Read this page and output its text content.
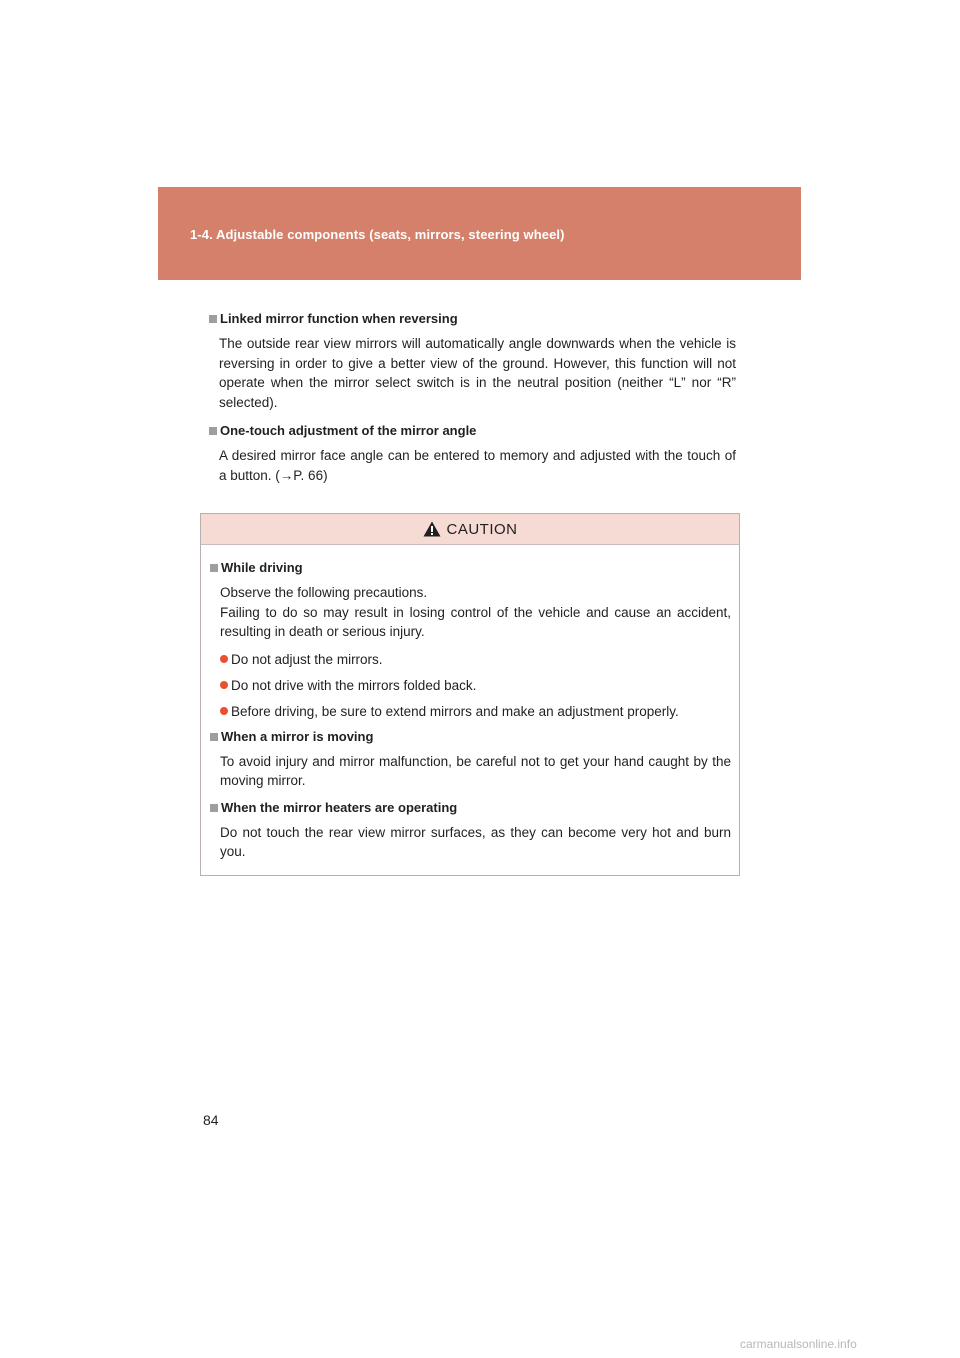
1-4. Adjustable components (seats, mirrors, steering wheel)
Linked mirror function when reversing

The outside rear view mirrors will automatically angle downwards when the vehicle is reversing in order to give a better view of the ground. However, this function will not operate when the mirror select switch is in the neutral position (neither “L” nor “R” selected).

One-touch adjustment of the mirror angle

A desired mirror face angle can be entered to memory and adjusted with the touch of a button. (→P. 66)

CAUTION
While driving

Observe the following precautions.
Failing to do so may result in losing control of the vehicle and cause an accident, resulting in death or serious injury.

Do not adjust the mirrors.
Do not drive with the mirrors folded back.
Before driving, be sure to extend mirrors and make an adjustment properly.
When a mirror is moving

To avoid injury and mirror malfunction, be careful not to get your hand caught by the moving mirror.

When the mirror heaters are operating

Do not touch the rear view mirror surfaces, as they can become very hot and burn you.

84
carmanualsonline.info
